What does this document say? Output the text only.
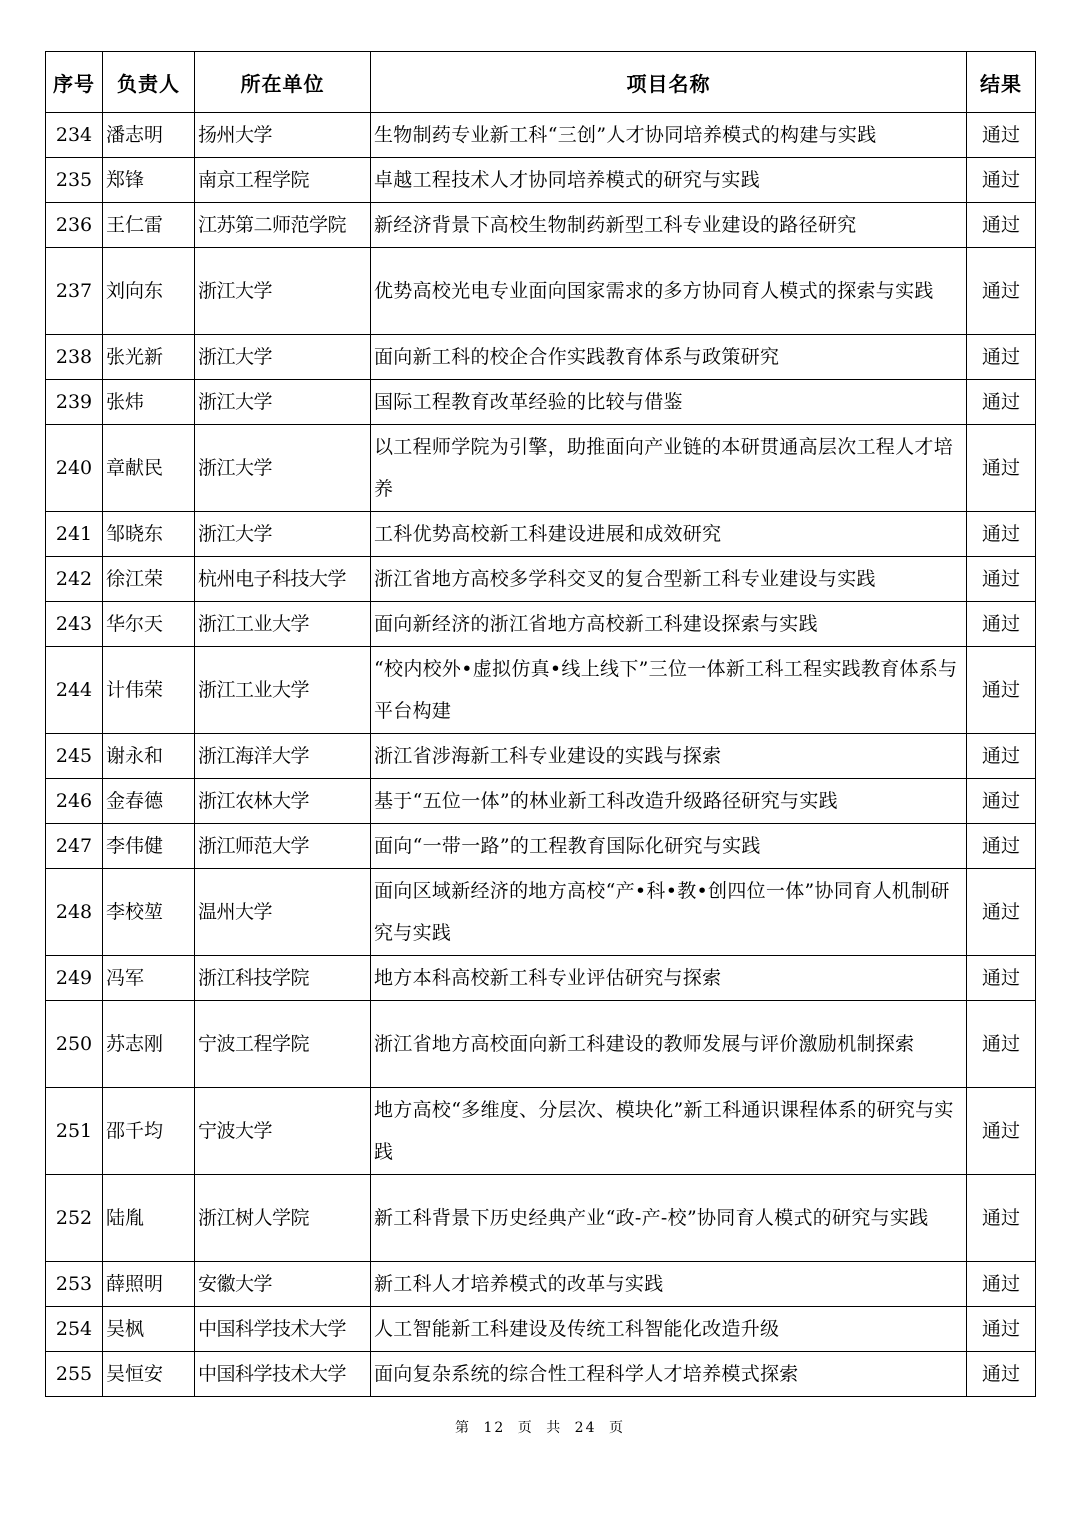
序号	负责人	所在单位	项目名称	结果
234	潘志明	扬州大学	生物制药专业新工科“三创”人才协同培养模式的构建与实践	通过
235	郑锋	南京工程学院	卓越工程技术人才协同培养模式的研究与实践	通过
236	王仁雷	江苏第二师范学院	新经济背景下高校生物制药新型工科专业建设的路径研究	通过
237	刘向东	浙江大学	优势高校光电专业面向国家需求的多方协同育人模式的探索与实践	通过
238	张光新	浙江大学	面向新工科的校企合作实践教育体系与政策研究	通过
239	张炜	浙江大学	国际工程教育改革经验的比较与借鉴	通过
240	章献民	浙江大学	以工程师学院为引擎，助推面向产业链的本研贯通高层次工程人才培养	通过
241	邹晓东	浙江大学	工科优势高校新工科建设进展和成效研究	通过
242	徐江荣	杭州电子科技大学	浙江省地方高校多学科交叉的复合型新工科专业建设与实践	通过
243	华尔天	浙江工业大学	面向新经济的浙江省地方高校新工科建设探索与实践	通过
244	计伟荣	浙江工业大学	“校内校外•虚拟仿真•线上线下”三位一体新工科工程实践教育体系与平台构建	通过
245	谢永和	浙江海洋大学	浙江省涉海新工科专业建设的实践与探索	通过
246	金春德	浙江农林大学	基于“五位一体”的林业新工科改造升级路径研究与实践	通过
247	李伟健	浙江师范大学	面向“一带一路”的工程教育国际化研究与实践	通过
248	李校堃	温州大学	面向区域新经济的地方高校“产•科•教•创四位一体”协同育人机制研究与实践	通过
249	冯军	浙江科技学院	地方本科高校新工科专业评估研究与探索	通过
250	苏志刚	宁波工程学院	浙江省地方高校面向新工科建设的教师发展与评价激励机制探索	通过
251	邵千均	宁波大学	地方高校“多维度、分层次、模块化”新工科通识课程体系的研究与实践	通过
252	陆胤	浙江树人学院	新工科背景下历史经典产业“政-产-校”协同育人模式的研究与实践	通过
253	薛照明	安徽大学	新工科人才培养模式的改革与实践	通过
254	吴枫	中国科学技术大学	人工智能新工科建设及传统工科智能化改造升级	通过
255	吴恒安	中国科学技术大学	面向复杂系统的综合性工程科学人才培养模式探索	通过
第 12 页 共 24 页
